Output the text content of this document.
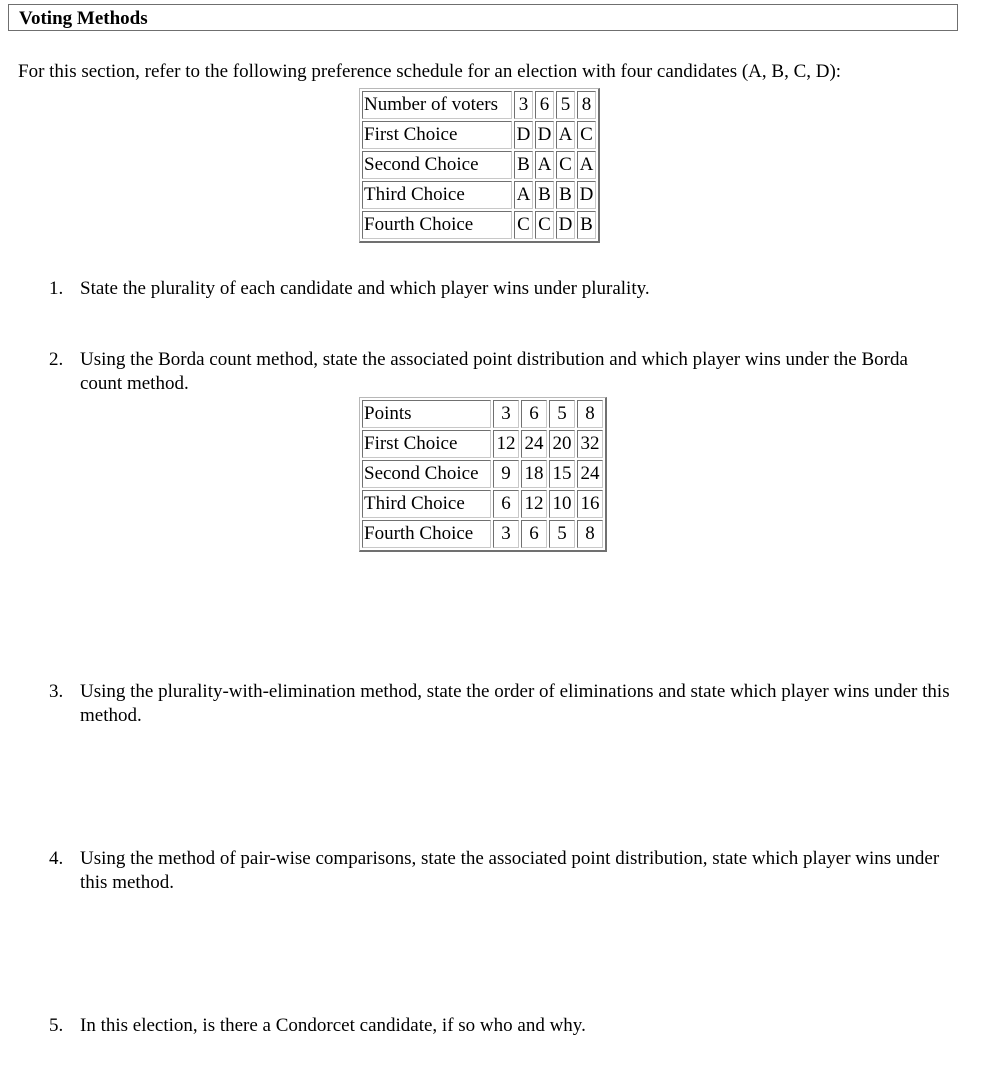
Voting Methods
For this section, refer to the following preference schedule for an election with four candidates (A, B, C, D):
Number of voters	3	6	5	8
First Choice	D	D	A	C
Second Choice	B	A	C	A
Third Choice	A	B	B	D
Fourth Choice	C	C	D	B
1. State the plurality of each candidate and which player wins under plurality.
2. Using the Borda count method, state the associated point distribution and which player wins under the Borda count method.
Points	3	6	5	8
First Choice	12	24	20	32
Second Choice	9	18	15	24
Third Choice	6	12	10	16
Fourth Choice	3	6	5	8
3. Using the plurality-with-elimination method, state the order of eliminations and state which player wins under this method.
4. Using the method of pair-wise comparisons, state the associated point distribution, state which player wins under this method.
5. In this election, is there a Condorcet candidate, if so who and why.
